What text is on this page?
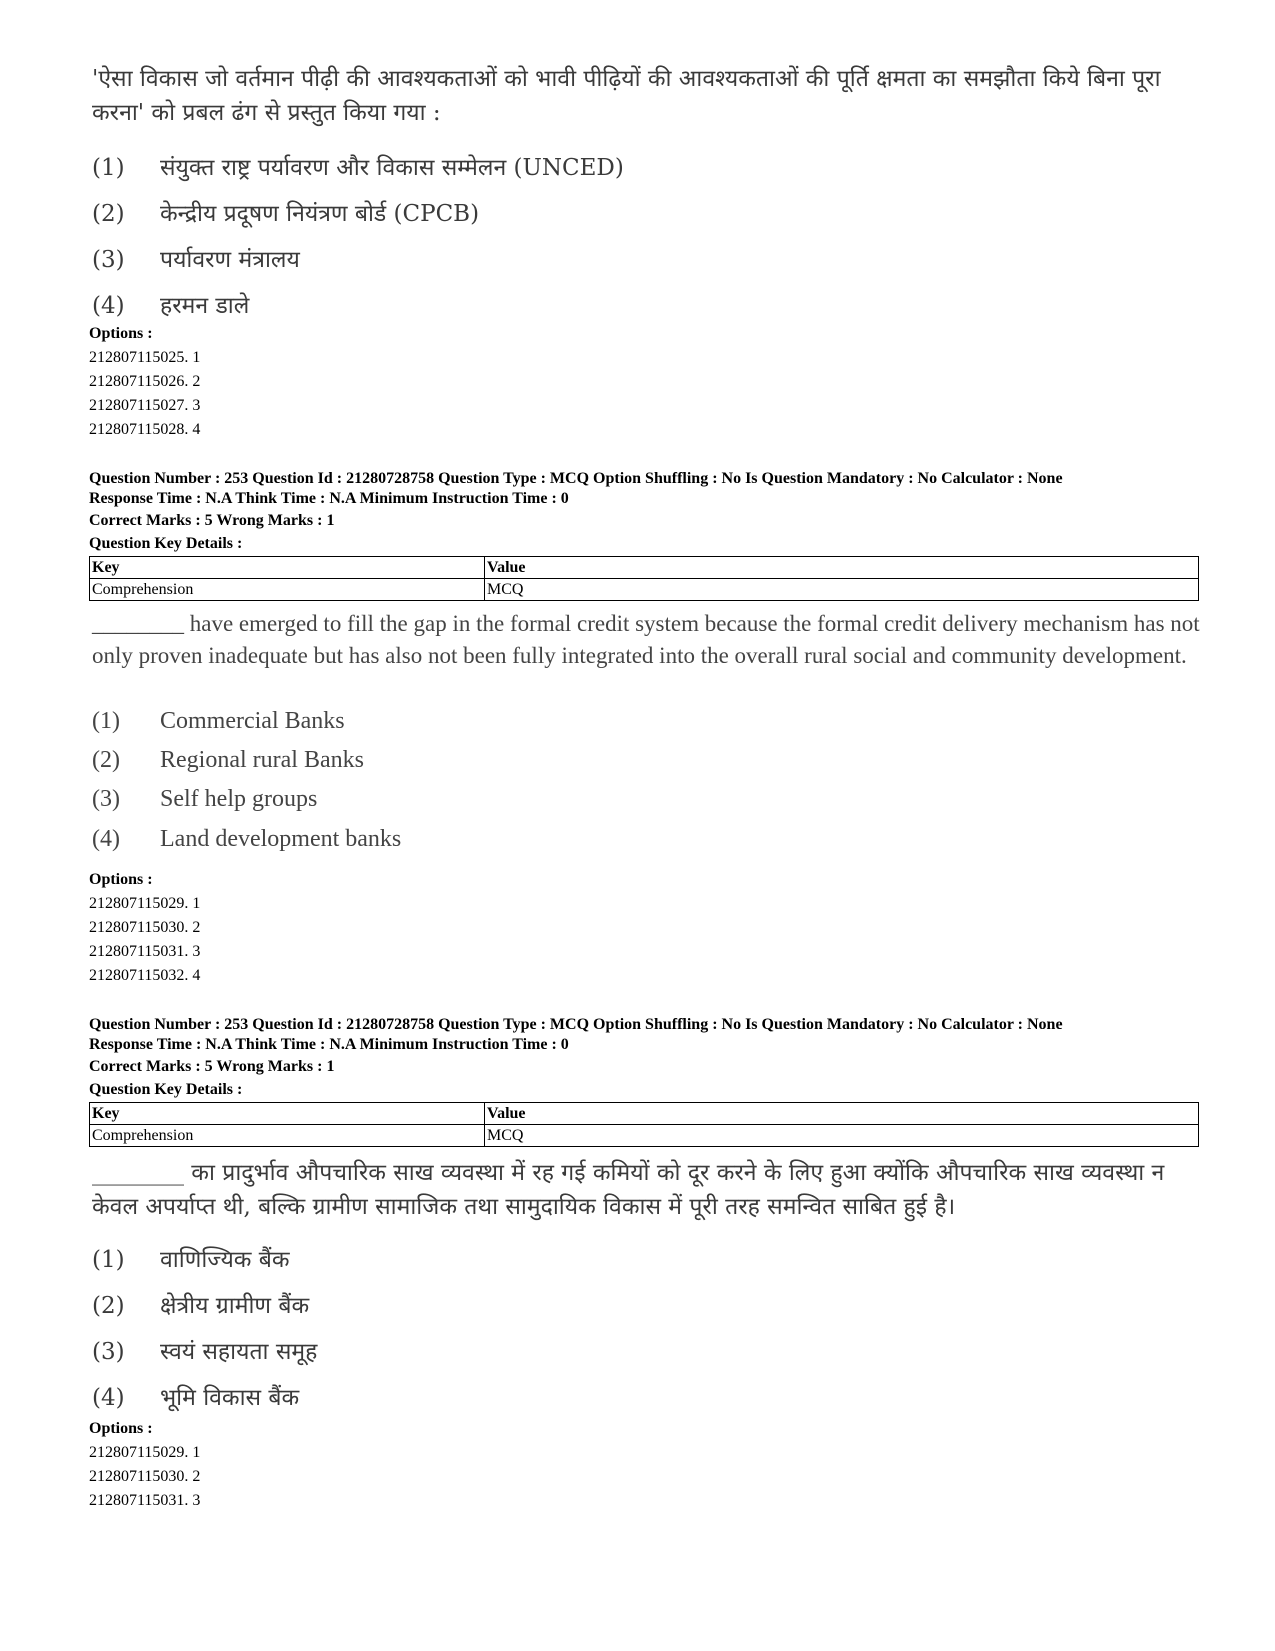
'ऐसा विकास जो वर्तमान पीढ़ी की आवश्यकताओं को भावी पीढ़ियों की आवश्यकताओं की पूर्ति क्षमता का समझौता किये बिना पूरा करना' को प्रबल ढंग से प्रस्तुत किया गया :

(1) संयुक्त राष्ट्र पर्यावरण और विकास सम्मेलन (UNCED)
(2) केन्द्रीय प्रदूषण नियंत्रण बोर्ड (CPCB)
(3) पर्यावरण मंत्रालय
(4) हरमन डाले
Options :
212807115025. 1
212807115026. 2
212807115027. 3
212807115028. 4
Question Number : 253 Question Id : 21280728758 Question Type : MCQ Option Shuffling : No Is Question Mandatory : No Calculator : None
Response Time : N.A Think Time : N.A Minimum Instruction Time : 0
Correct Marks : 5 Wrong Marks : 1
Question Key Details :
Key	Value
Comprehension	MCQ

________ have emerged to fill the gap in the formal credit system because the formal credit delivery mechanism has not only proven inadequate but has also not been fully integrated into the overall rural social and community development.

(1) Commercial Banks
(2) Regional rural Banks
(3) Self help groups
(4) Land development banks
Options :
212807115029. 1
212807115030. 2
212807115031. 3
212807115032. 4
Question Number : 253 Question Id : 21280728758 Question Type : MCQ Option Shuffling : No Is Question Mandatory : No Calculator : None
Response Time : N.A Think Time : N.A Minimum Instruction Time : 0
Correct Marks : 5 Wrong Marks : 1
Question Key Details :
Key	Value
Comprehension	MCQ

________ का प्रादुर्भाव औपचारिक साख व्यवस्था में रह गई कमियों को दूर करने के लिए हुआ क्योंकि औपचारिक साख व्यवस्था न केवल अपर्याप्त थी, बल्कि ग्रामीण सामाजिक तथा सामुदायिक विकास में पूरी तरह समन्वित साबित हुई है।

(1) वाणिज्यिक बैंक
(2) क्षेत्रीय ग्रामीण बैंक
(3) स्वयं सहायता समूह
(4) भूमि विकास बैंक
Options :
212807115029. 1
212807115030. 2
212807115031. 3
